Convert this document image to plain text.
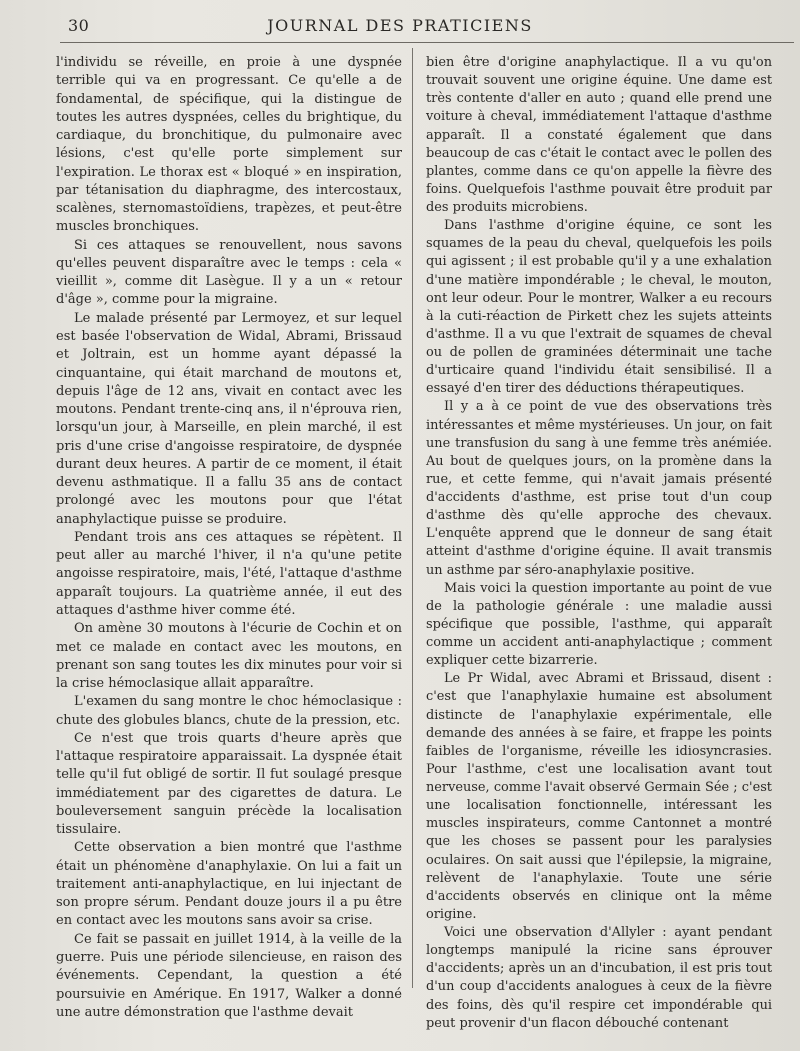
30	JOURNAL DES PRATICIENS

l'individu se réveille, en proie à une dyspnée terrible qui va en progressant. Ce qu'elle a de fondamental, de spécifique, qui la distingue de toutes les autres dyspnées, celles du brightique, du cardiaque, du bronchitique, du pulmonaire avec lésions, c'est qu'elle porte simplement sur l'expiration. Le thorax est « bloqué » en inspiration, par tétanisation du diaphragme, des intercostaux, scalènes, sternomastoïdiens, trapèzes, et peut-être muscles bronchiques.

Si ces attaques se renouvellent, nous savons qu'elles peuvent disparaître avec le temps : cela « vieillit », comme dit Lasègue. Il y a un « retour d'âge », comme pour la migraine.

Le malade présenté par Lermoyez, et sur lequel est basée l'observation de Widal, Abrami, Brissaud et Joltrain, est un homme ayant dépassé la cinquantaine, qui était marchand de moutons et, depuis l'âge de 12 ans, vivait en contact avec les moutons. Pendant trente-cinq ans, il n'éprouva rien, lorsqu'un jour, à Marseille, en plein marché, il est pris d'une crise d'angoisse respiratoire, de dyspnée durant deux heures. A partir de ce moment, il était devenu asthmatique. Il a fallu 35 ans de contact prolongé avec les moutons pour que l'état anaphylactique puisse se produire.

Pendant trois ans ces attaques se répètent. Il peut aller au marché l'hiver, il n'a qu'une petite angoisse respiratoire, mais, l'été, l'attaque d'asthme apparaît toujours. La quatrième année, il eut des attaques d'asthme hiver comme été.

On amène 30 moutons à l'écurie de Cochin et on met ce malade en contact avec les moutons, en prenant son sang toutes les dix minutes pour voir si la crise hémoclasique allait apparaître.

L'examen du sang montre le choc hémoclasique : chute des globules blancs, chute de la pression, etc.

Ce n'est que trois quarts d'heure après que l'attaque respiratoire apparaissait. La dyspnée était telle qu'il fut obligé de sortir. Il fut soulagé presque immédiatement par des cigarettes de datura. Le bouleversement sanguin précède la localisation tissulaire.

Cette observation a bien montré que l'asthme était un phénomène d'anaphylaxie. On lui a fait un traitement anti-anaphylactique, en lui injectant de son propre sérum. Pendant douze jours il a pu être en contact avec les moutons sans avoir sa crise.

Ce fait se passait en juillet 1914, à la veille de la guerre. Puis une période silencieuse, en raison des événements. Cependant, la question a été poursuivie en Amérique. En 1917, Walker a donné une autre démonstration que l'asthme devait

bien être d'origine anaphylactique. Il a vu qu'on trouvait souvent une origine équine. Une dame est très contente d'aller en auto ; quand elle prend une voiture à cheval, immédiatement l'attaque d'asthme apparaît. Il a constaté également que dans beaucoup de cas c'était le contact avec le pollen des plantes, comme dans ce qu'on appelle la fièvre des foins. Quelquefois l'asthme pouvait être produit par des produits microbiens.

Dans l'asthme d'origine équine, ce sont les squames de la peau du cheval, quelquefois les poils qui agissent ; il est probable qu'il y a une exhalation d'une matière impondérable ; le cheval, le mouton, ont leur odeur. Pour le montrer, Walker a eu recours à la cuti-réaction de Pirkett chez les sujets atteints d'asthme. Il a vu que l'extrait de squames de cheval ou de pollen de graminées déterminait une tache d'urticaire quand l'individu était sensibilisé. Il a essayé d'en tirer des déductions thérapeutiques.

Il y a à ce point de vue des observations très intéressantes et même mystérieuses. Un jour, on fait une transfusion du sang à une femme très anémiée. Au bout de quelques jours, on la promène dans la rue, et cette femme, qui n'avait jamais présenté d'accidents d'asthme, est prise tout d'un coup d'asthme dès qu'elle approche des chevaux. L'enquête apprend que le donneur de sang était atteint d'asthme d'origine équine. Il avait transmis un asthme par séro-anaphylaxie positive.

Mais voici la question importante au point de vue de la pathologie générale : une maladie aussi spécifique que possible, l'asthme, qui apparaît comme un accident anti-anaphylactique ; comment expliquer cette bizarrerie.

Le Pr Widal, avec Abrami et Brissaud, disent : c'est que l'anaphylaxie humaine est absolument distincte de l'anaphylaxie expérimentale, elle demande des années à se faire, et frappe les points faibles de l'organisme, réveille les idiosyncrasies. Pour l'asthme, c'est une localisation avant tout nerveuse, comme l'avait observé Germain Sée ; c'est une localisation fonctionnelle, intéressant les muscles inspirateurs, comme Cantonnet a montré que les choses se passent pour les paralysies oculaires. On sait aussi que l'épilepsie, la migraine, relèvent de l'anaphylaxie. Toute une série d'accidents observés en clinique ont la même origine.

Voici une observation d'Allyler : ayant pendant longtemps manipulé la ricine sans éprouver d'accidents; après un an d'incubation, il est pris tout d'un coup d'accidents analogues à ceux de la fièvre des foins, dès qu'il respire cet impondérable qui peut provenir d'un flacon débouché contenant
